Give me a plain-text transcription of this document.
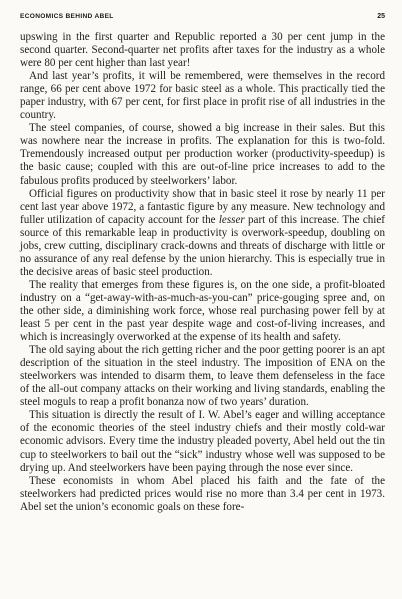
ECONOMICS BEHIND ABEL	25

upswing in the first quarter and Republic reported a 30 per cent jump in the second quarter. Second-quarter net profits after taxes for the industry as a whole were 80 per cent higher than last year!

And last year’s profits, it will be remembered, were themselves in the record range, 66 per cent above 1972 for basic steel as a whole. This practically tied the paper industry, with 67 per cent, for first place in profit rise of all industries in the country.

The steel companies, of course, showed a big increase in their sales. But this was nowhere near the increase in profits. The explanation for this is two-fold. Tremendously increased output per production worker (productivity-speedup) is the basic cause; coupled with this are out-of-line price increases to add to the fabulous profits produced by steelworkers’ labor.

Official figures on productivity show that in basic steel it rose by nearly 11 per cent last year above 1972, a fantastic figure by any measure. New technology and fuller utilization of capacity account for the lesser part of this increase. The chief source of this remarkable leap in productivity is overwork-speedup, doubling on jobs, crew cutting, disciplinary crack-downs and threats of discharge with little or no assurance of any real defense by the union hierarchy. This is especially true in the decisive areas of basic steel production.

The reality that emerges from these figures is, on the one side, a profit-bloated industry on a “get-away-with-as-much-as-you-can” price-gouging spree and, on the other side, a diminishing work force, whose real purchasing power fell by at least 5 per cent in the past year despite wage and cost-of-living increases, and which is increasingly overworked at the expense of its health and safety.

The old saying about the rich getting richer and the poor getting poorer is an apt description of the situation in the steel industry. The imposition of ENA on the steelworkers was intended to disarm them, to leave them defenseless in the face of the all-out company attacks on their working and living standards, enabling the steel moguls to reap a profit bonanza now of two years’ duration.

This situation is directly the result of I. W. Abel’s eager and willing acceptance of the economic theories of the steel industry chiefs and their mostly cold-war economic advisors. Every time the industry pleaded poverty, Abel held out the tin cup to steelworkers to bail out the “sick” industry whose well was supposed to be drying up. And steelworkers have been paying through the nose ever since.

These economists in whom Abel placed his faith and the fate of the steelworkers had predicted prices would rise no more than 3.4 per cent in 1973. Abel set the union’s economic goals on these fore-
